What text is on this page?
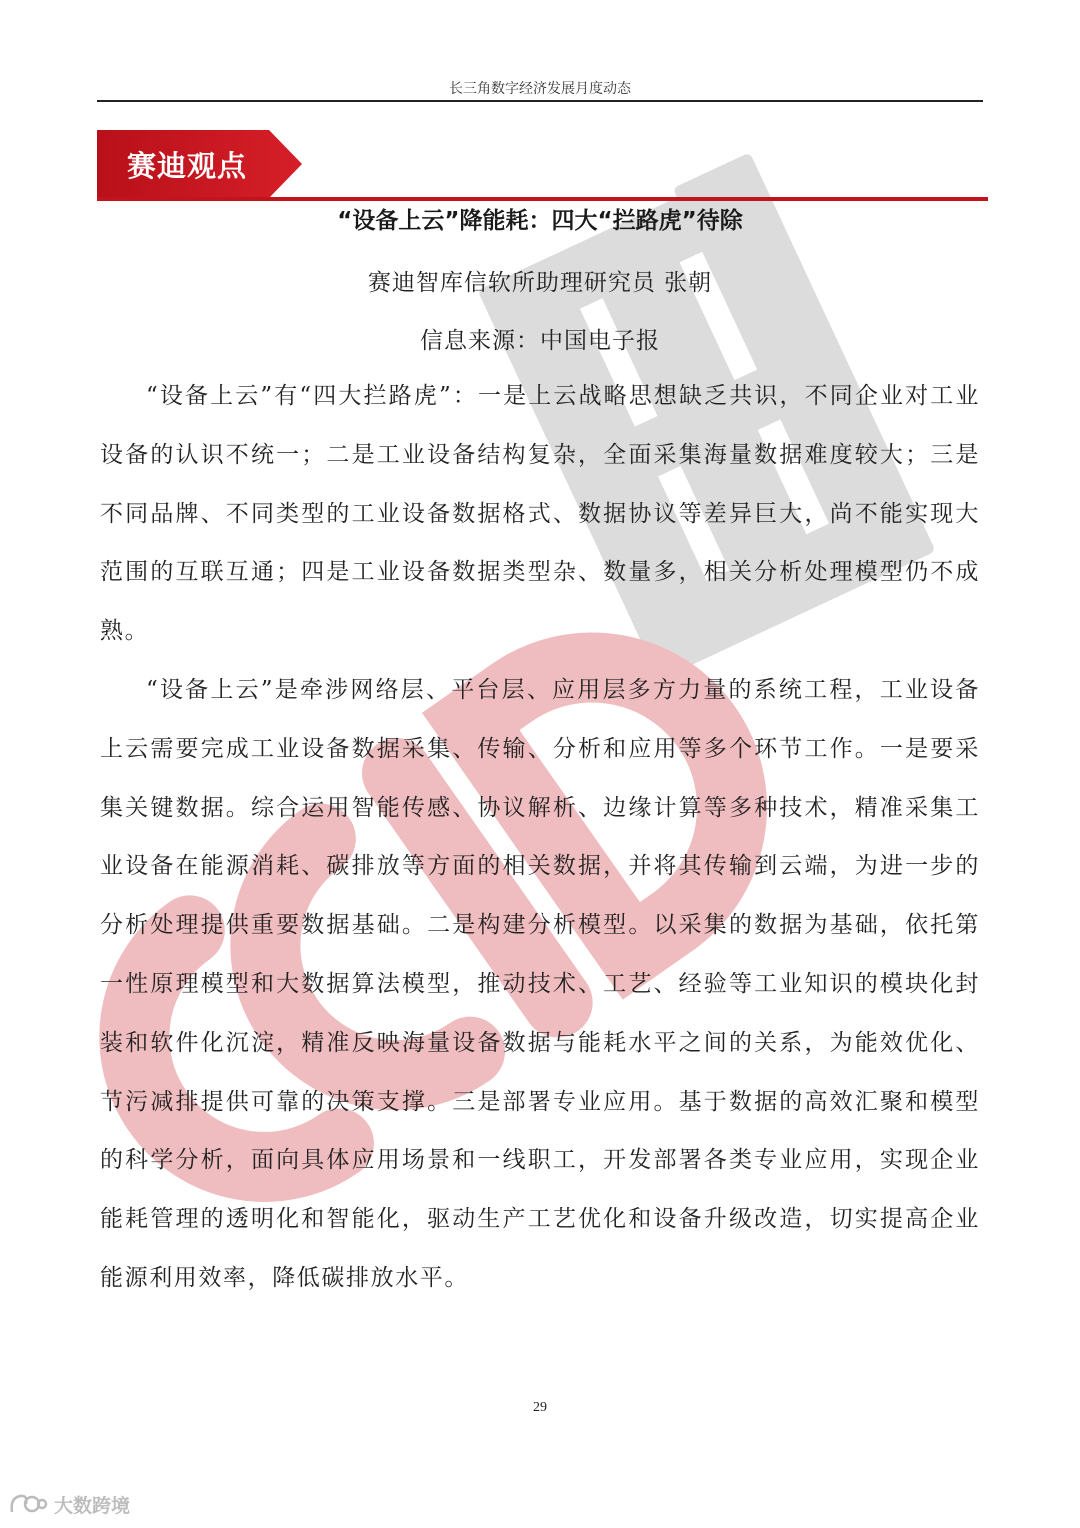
长三角数字经济发展月度动态
赛迪观点
“设备上云”降能耗：四大“拦路虎”待除
赛迪智库信软所助理研究员 张朝
信息来源：中国电子报
“设备上云”有“四大拦路虎”：一是上云战略思想缺乏共识，不同企业对工业设备的认识不统一；二是工业设备结构复杂，全面采集海量数据难度较大；三是不同品牌、不同类型的工业设备数据格式、数据协议等差异巨大，尚不能实现大范围的互联互通；四是工业设备数据类型杂、数量多，相关分析处理模型仍不成熟。
“设备上云”是牵涉网络层、平台层、应用层多方力量的系统工程，工业设备上云需要完成工业设备数据采集、传输、分析和应用等多个环节工作。一是要采集关键数据。综合运用智能传感、协议解析、边缘计算等多种技术，精准采集工业设备在能源消耗、碳排放等方面的相关数据，并将其传输到云端，为进一步的分析处理提供重要数据基础。二是构建分析模型。以采集的数据为基础，依托第一性原理模型和大数据算法模型，推动技术、工艺、经验等工业知识的模块化封装和软件化沉淀，精准反映海量设备数据与能耗水平之间的关系，为能效优化、节污减排提供可靠的决策支撑。三是部署专业应用。基于数据的高效汇聚和模型的科学分析，面向具体应用场景和一线职工，开发部署各类专业应用，实现企业能耗管理的透明化和智能化，驱动生产工艺优化和设备升级改造，切实提高企业能源利用效率，降低碳排放水平。
29
大数跨境
